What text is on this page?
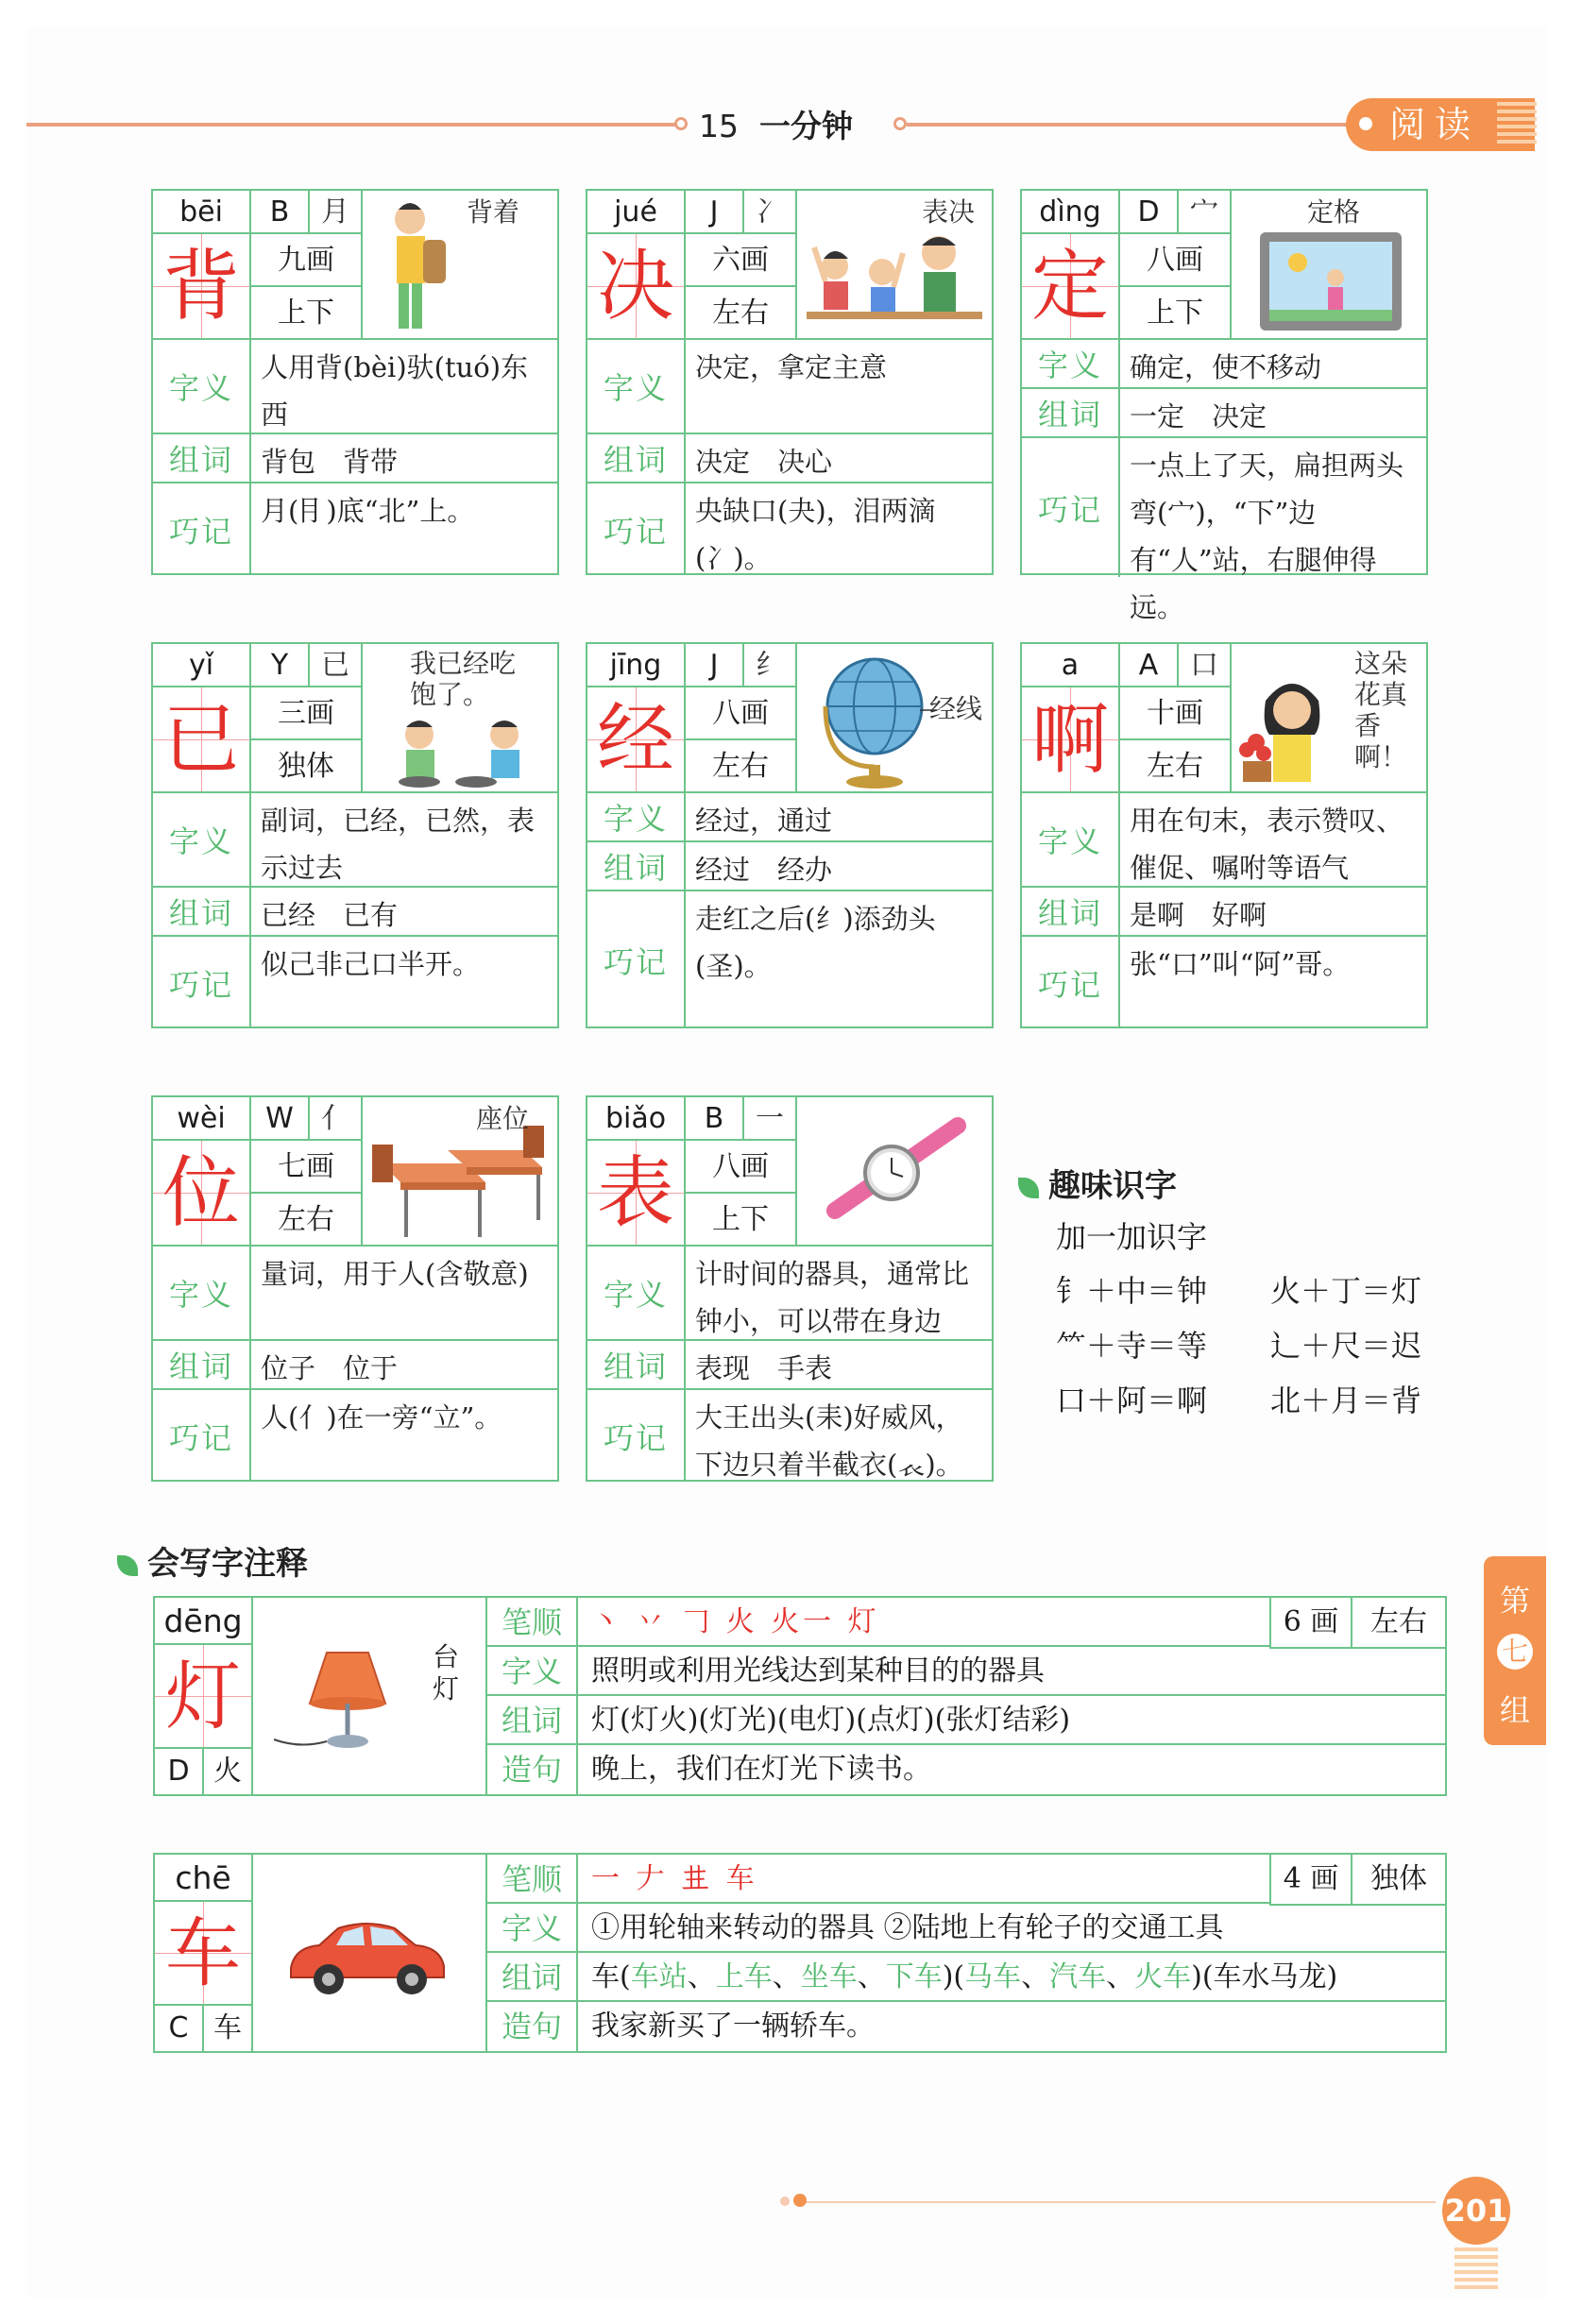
15 一分钟	阅读
bēi	B	月
背	九画
上下
背着
字义
人用背(bèi)驮(tuó)东西
组词	背包　背带
巧记
月(⺝)底“北”上。
jué	J	冫
决	六画
左右
表决
字义
决定，拿定主意
组词	决定　决心
巧记
央缺口(夬)，泪两滴(冫)。
dìng	D	宀
定	八画
上下
定格
字义	确定，使不移动
组词	一定　决定
巧记
一点上了天，扁担两头弯(宀)，“下”边有“人”站，右腿伸得远。
yǐ	Y	已
已	三画
独体
我已经吃饱了。
字义
副词，已经，已然，表示过去
组词	已经　已有
巧记
似己非己口半开。
jīng	J	纟
经	八画
左右
经线
字义	经过，通过
组词	经过　经办
巧记
走红之后(纟)添劲头(圣)。
a	A	口
啊	十画
左右
这朵花真香啊！
字义
用在句末，表示赞叹、催促、嘱咐等语气
组词	是啊　好啊
巧记
张“口”叫“阿”哥。
wèi	W 亻
位	七画
左右
座位
字义
量词，用于人(含敬意)
组词	位子　位于
巧记
人(亻)在一旁“立”。
biǎo	B	一
表	八画
上下
字义
计时间的器具，通常比钟小，可以带在身边
组词	表现　手表
巧记
大王出头(耒)好威风，下边只着半截衣(𧘇)。
趣味识字
加一加识字
钅＋中＝钟 火＋丁＝灯
⺮＋寺＝等 辶＋尺＝迟
口＋阿＝啊 北＋月＝背
会写字注释
dēng
灯
D 火
台灯
笔顺	丶 丷 𠃌 火 火一 灯	6 画	左右
字义	照明或利用光线达到某种目的的器具
组词	灯(灯火)(灯光)(电灯)(点灯)(张灯结彩)
造句	晚上，我们在灯光下读书。
chē
车
C 车
笔顺	一 𠂇 𠀎 车	4 画	独体
字义	①用轮轴来转动的器具 ②陆地上有轮子的交通工具
组词	车(车站、上车、坐车、下车)(马车、汽车、火车)(车水马龙)
造句	我家新买了一辆轿车。
第
七
组
201
